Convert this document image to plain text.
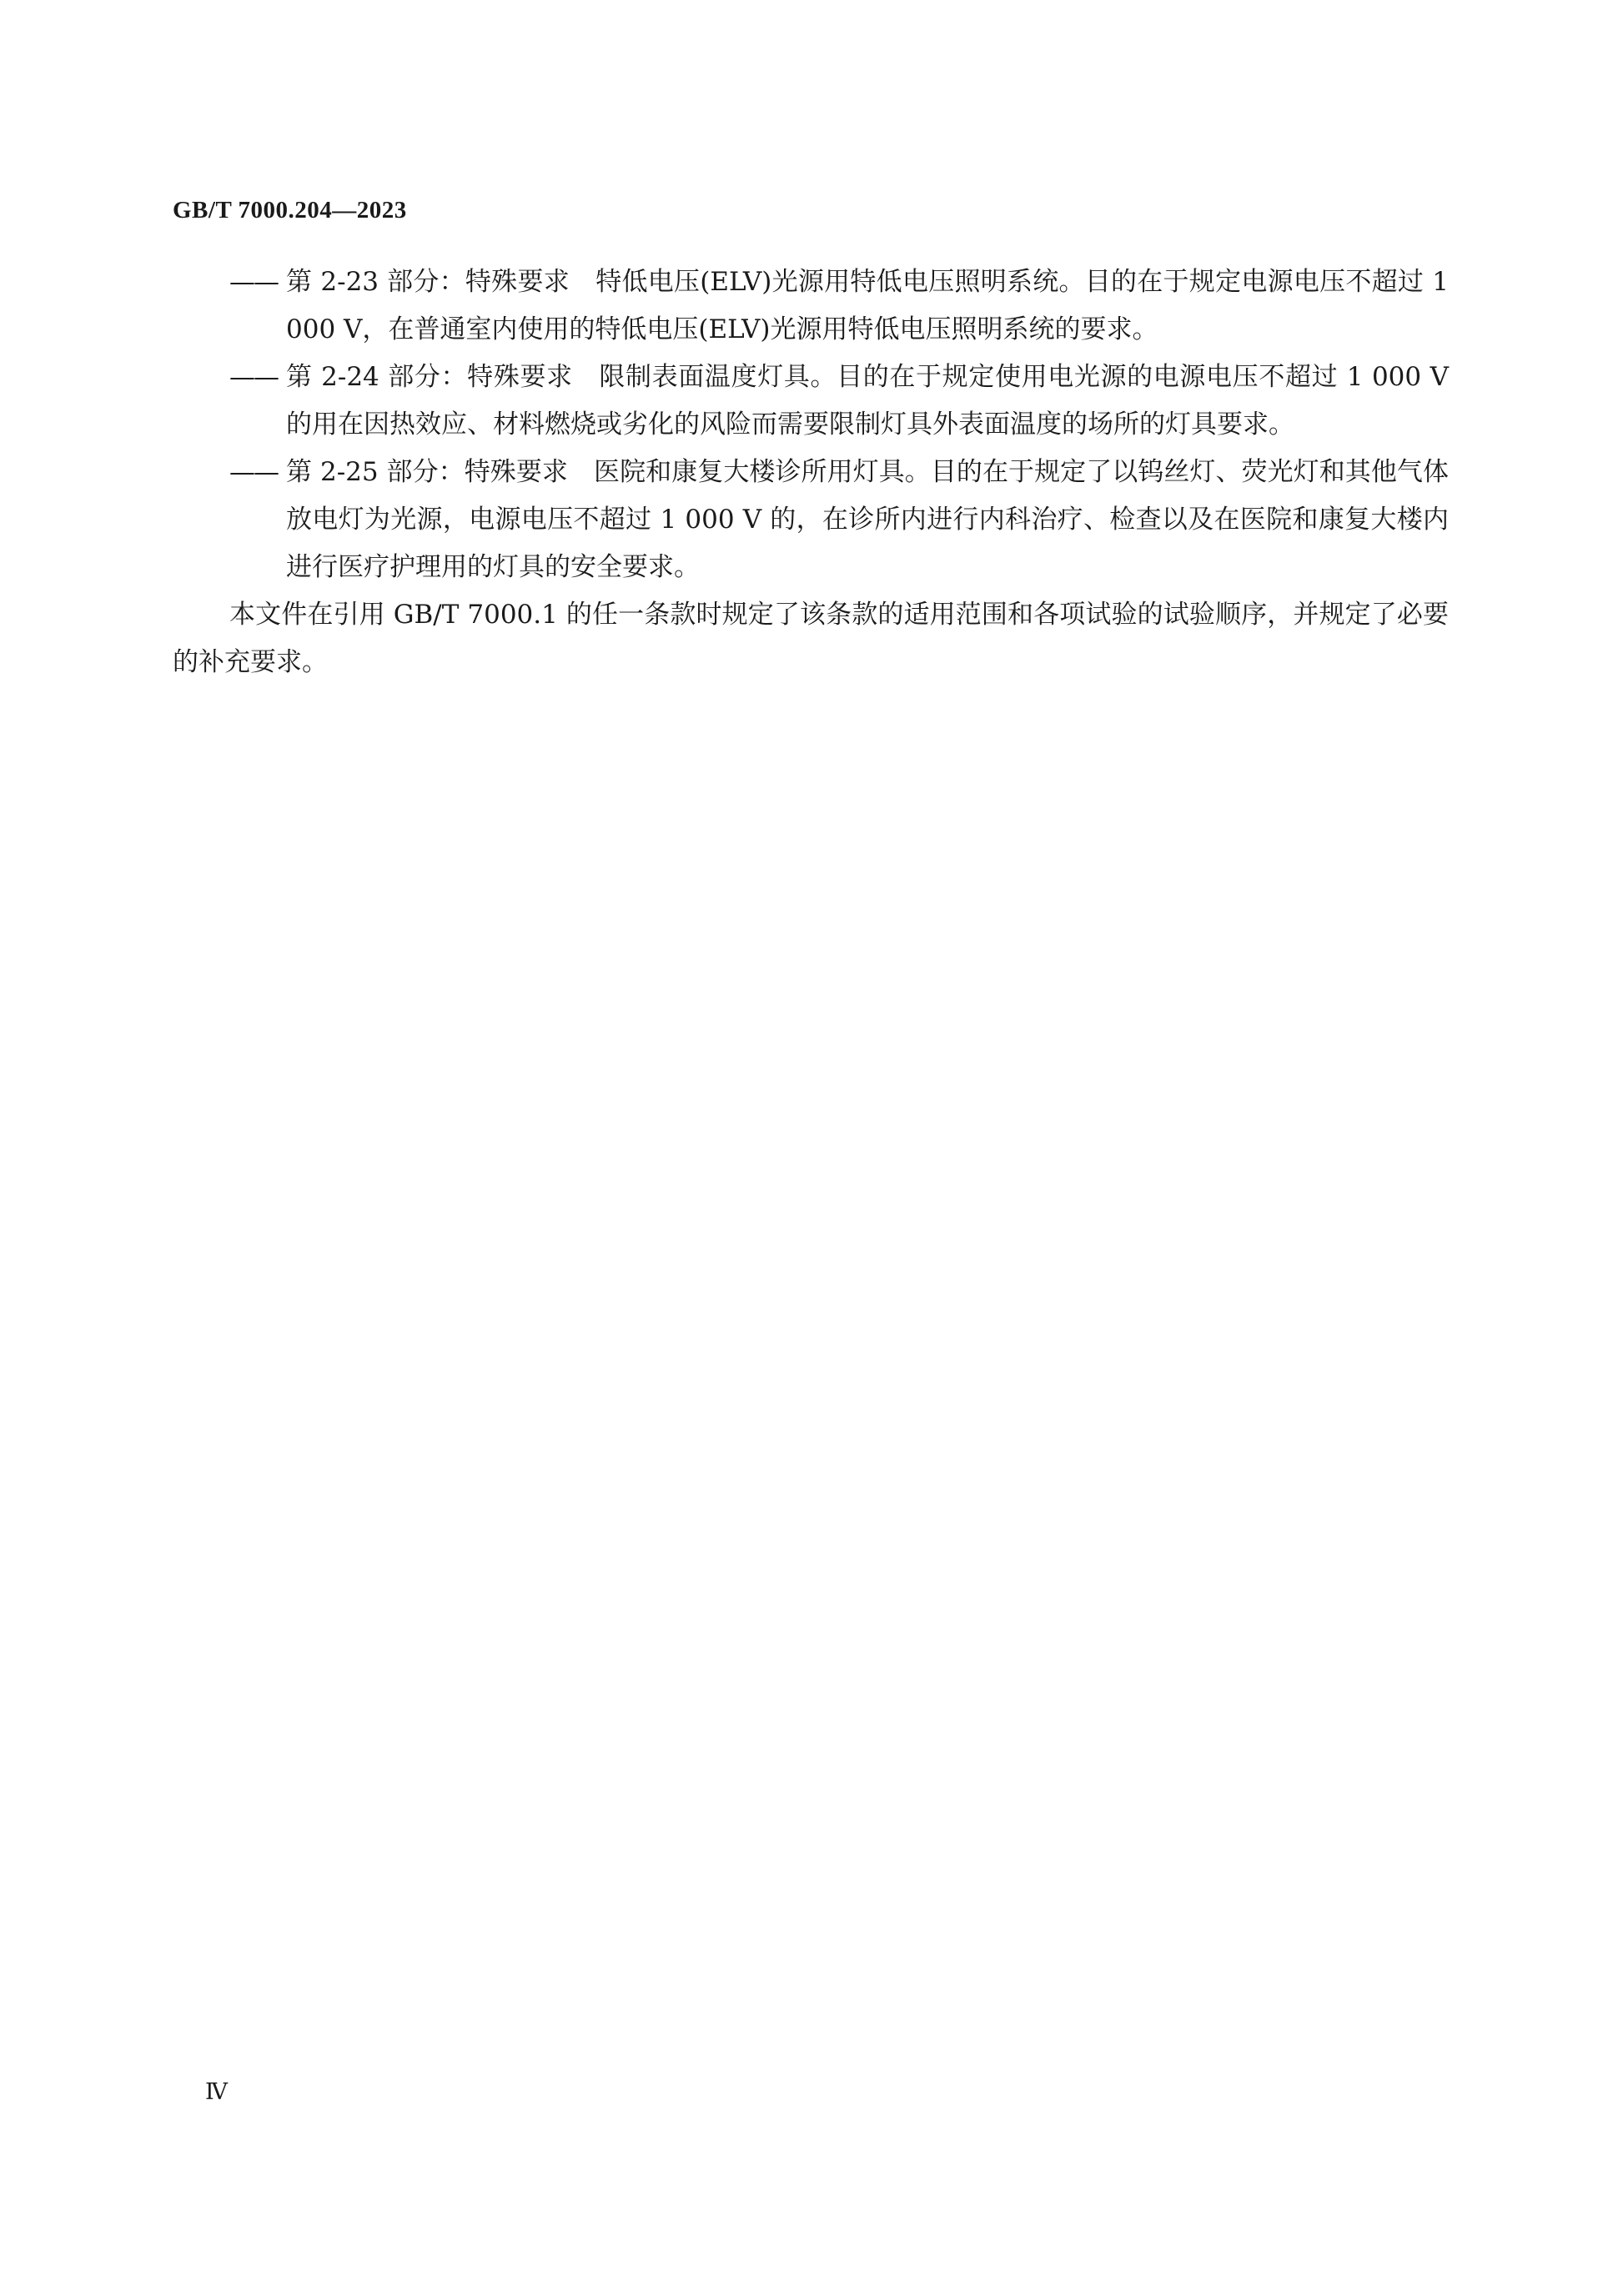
GB/T 7000.204—2023

—— 第 2-23 部分：特殊要求　特低电压(ELV)光源用特低电压照明系统。目的在于规定电源电压不超过 1 000 V，在普通室内使用的特低电压(ELV)光源用特低电压照明系统的要求。

—— 第 2-24 部分：特殊要求　限制表面温度灯具。目的在于规定使用电光源的电源电压不超过 1 000 V 的用在因热效应、材料燃烧或劣化的风险而需要限制灯具外表面温度的场所的灯具要求。

—— 第 2-25 部分：特殊要求　医院和康复大楼诊所用灯具。目的在于规定了以钨丝灯、荧光灯和其他气体放电灯为光源，电源电压不超过 1 000 V 的，在诊所内进行内科治疗、检查以及在医院和康复大楼内进行医疗护理用的灯具的安全要求。

本文件在引用 GB/T 7000.1 的任一条款时规定了该条款的适用范围和各项试验的试验顺序，并规定了必要的补充要求。

Ⅳ
